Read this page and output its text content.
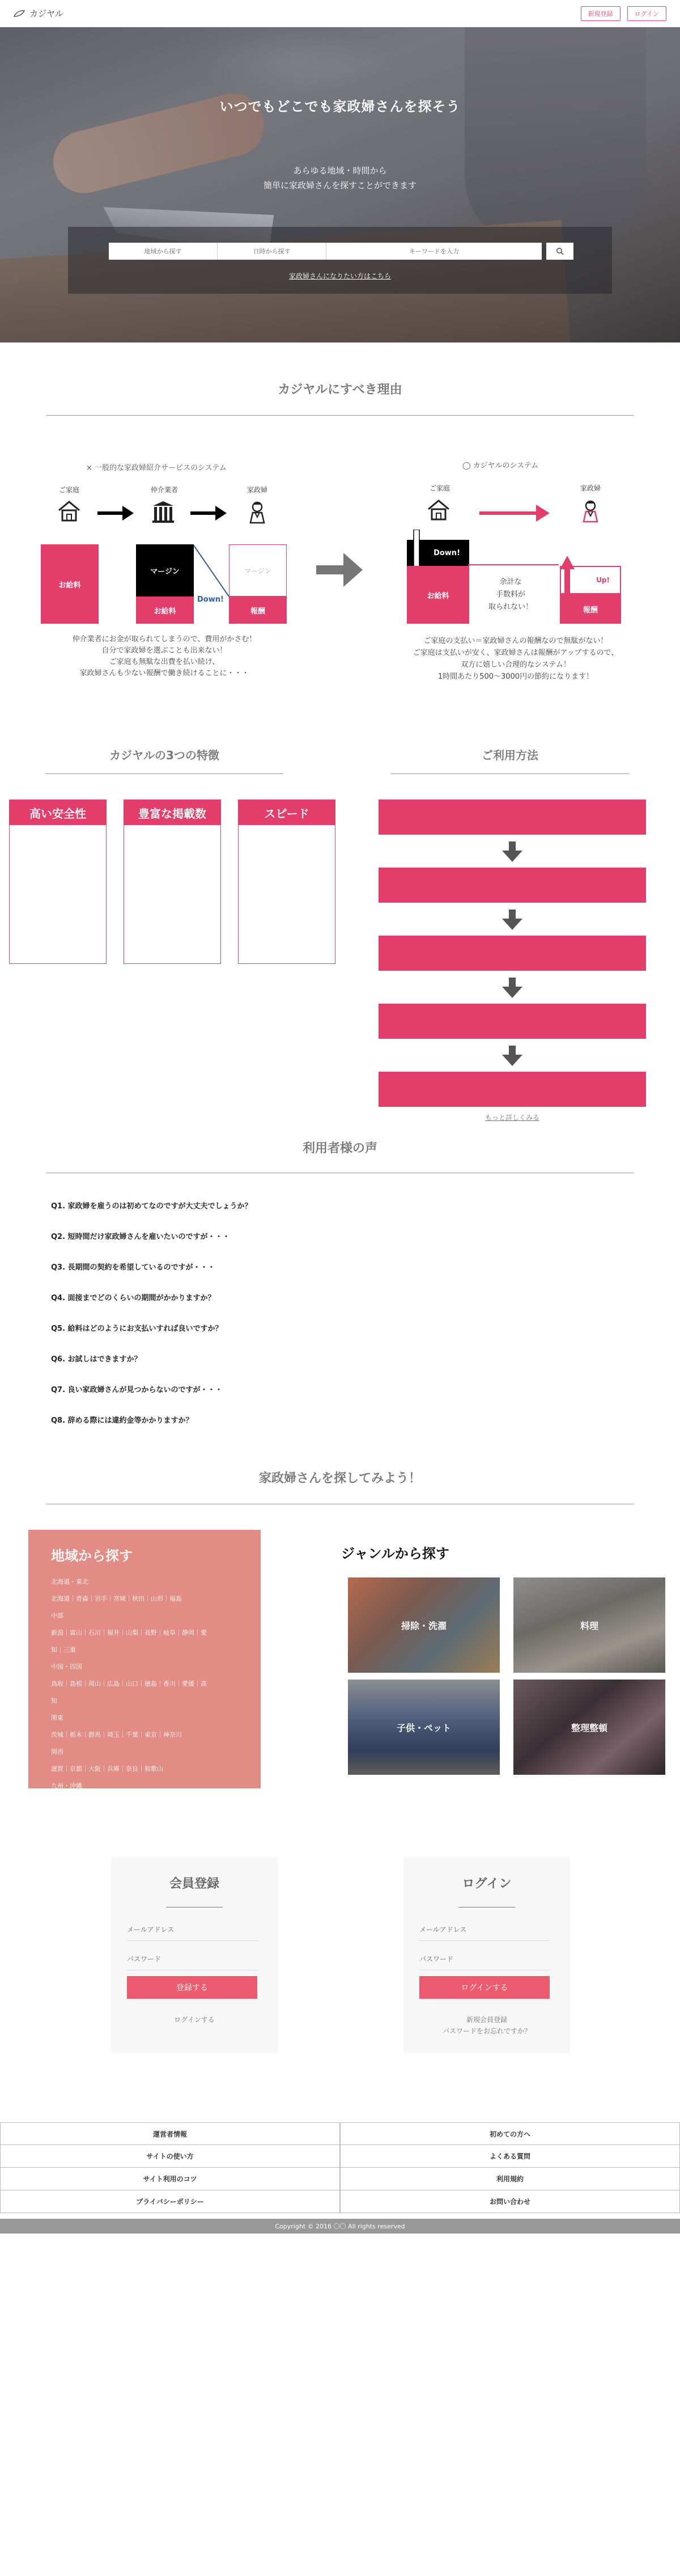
カジヤル	新規登録	ログイン
いつでもどこでも家政婦さんを探そう
あらゆる地域・時間から
簡単に家政婦さんを探すことができます
地域から探す	日時から探す	キーワードを入力
家政婦さんになりたい方はこちら
カジヤルにすべき理由
× 一般的な家政婦紹介サービスのシステム
ご家庭	仲介業者	家政婦
お給料
マージン
お給料
マージン
報酬
Down!
仲介業者にお金が取られてしまうので、費用がかさむ！
自分で家政婦を選ぶことも出来ない！
ご家庭も無駄な出費を払い続け、
家政婦さんも少ない報酬で働き続けることに・・・
◯ カジヤルのシステム
ご家庭	家政婦
Down!
お給料
余計な
手数料が
取られない！
Up!
報酬
ご家庭の支払い＝家政婦さんの報酬なので無駄がない！
ご家庭は支払いが安く、家政婦さんは報酬がアップするので、
双方に嬉しい合理的なシステム！
1時間あたり500〜3000円の節約になります！
カジヤルの3つの特徴	ご利用方法
高い安全性	豊富な掲載数	スピード
もっと詳しくみる
利用者様の声
Q1. 家政婦を雇うのは初めてなのですが大丈夫でしょうか？
Q2. 短時間だけ家政婦さんを雇いたいのですが・・・
Q3. 長期間の契約を希望しているのですが・・・
Q4. 面接までどのくらいの期間がかかりますか？
Q5. 給料はどのようにお支払いすれば良いですか？
Q6. お試しはできますか？
Q7. 良い家政婦さんが見つからないのですが・・・
Q8. 辞める際には違約金等かかりますか？
家政婦さんを探してみよう！
地域から探す
北海道・東北
北海道｜青森｜岩手｜宮城｜秋田｜山形｜福島
中部
新潟｜富山｜石川｜福井｜山梨｜長野｜岐阜｜静岡｜愛
知｜三重
中国・四国
鳥取｜島根｜岡山｜広島｜山口｜徳島｜香川｜愛媛｜高
知
関東
茨城｜栃木｜群馬｜埼玉｜千葉｜東京｜神奈川
関西
滋賀｜京都｜大阪｜兵庫｜奈良｜和歌山
九州・沖縄
福岡｜佐賀｜長崎｜熊本｜大分｜宮崎｜鹿児島｜沖縄
ジャンルから探す
掃除・洗濯	料理
子供・ペット	整理整頓
会員登録
メールアドレス
パスワード
登録する
ログインする
ログイン
メールアドレス
パスワード
ログインする
新規会員登録
パスワードをお忘れですか？
運営者情報	初めての方へ
サイトの使い方	よくある質問
サイト利用のコツ	利用規約
プライバシーポリシー	お問い合わせ
Copyright © 2016 〇〇 All rights reserved
